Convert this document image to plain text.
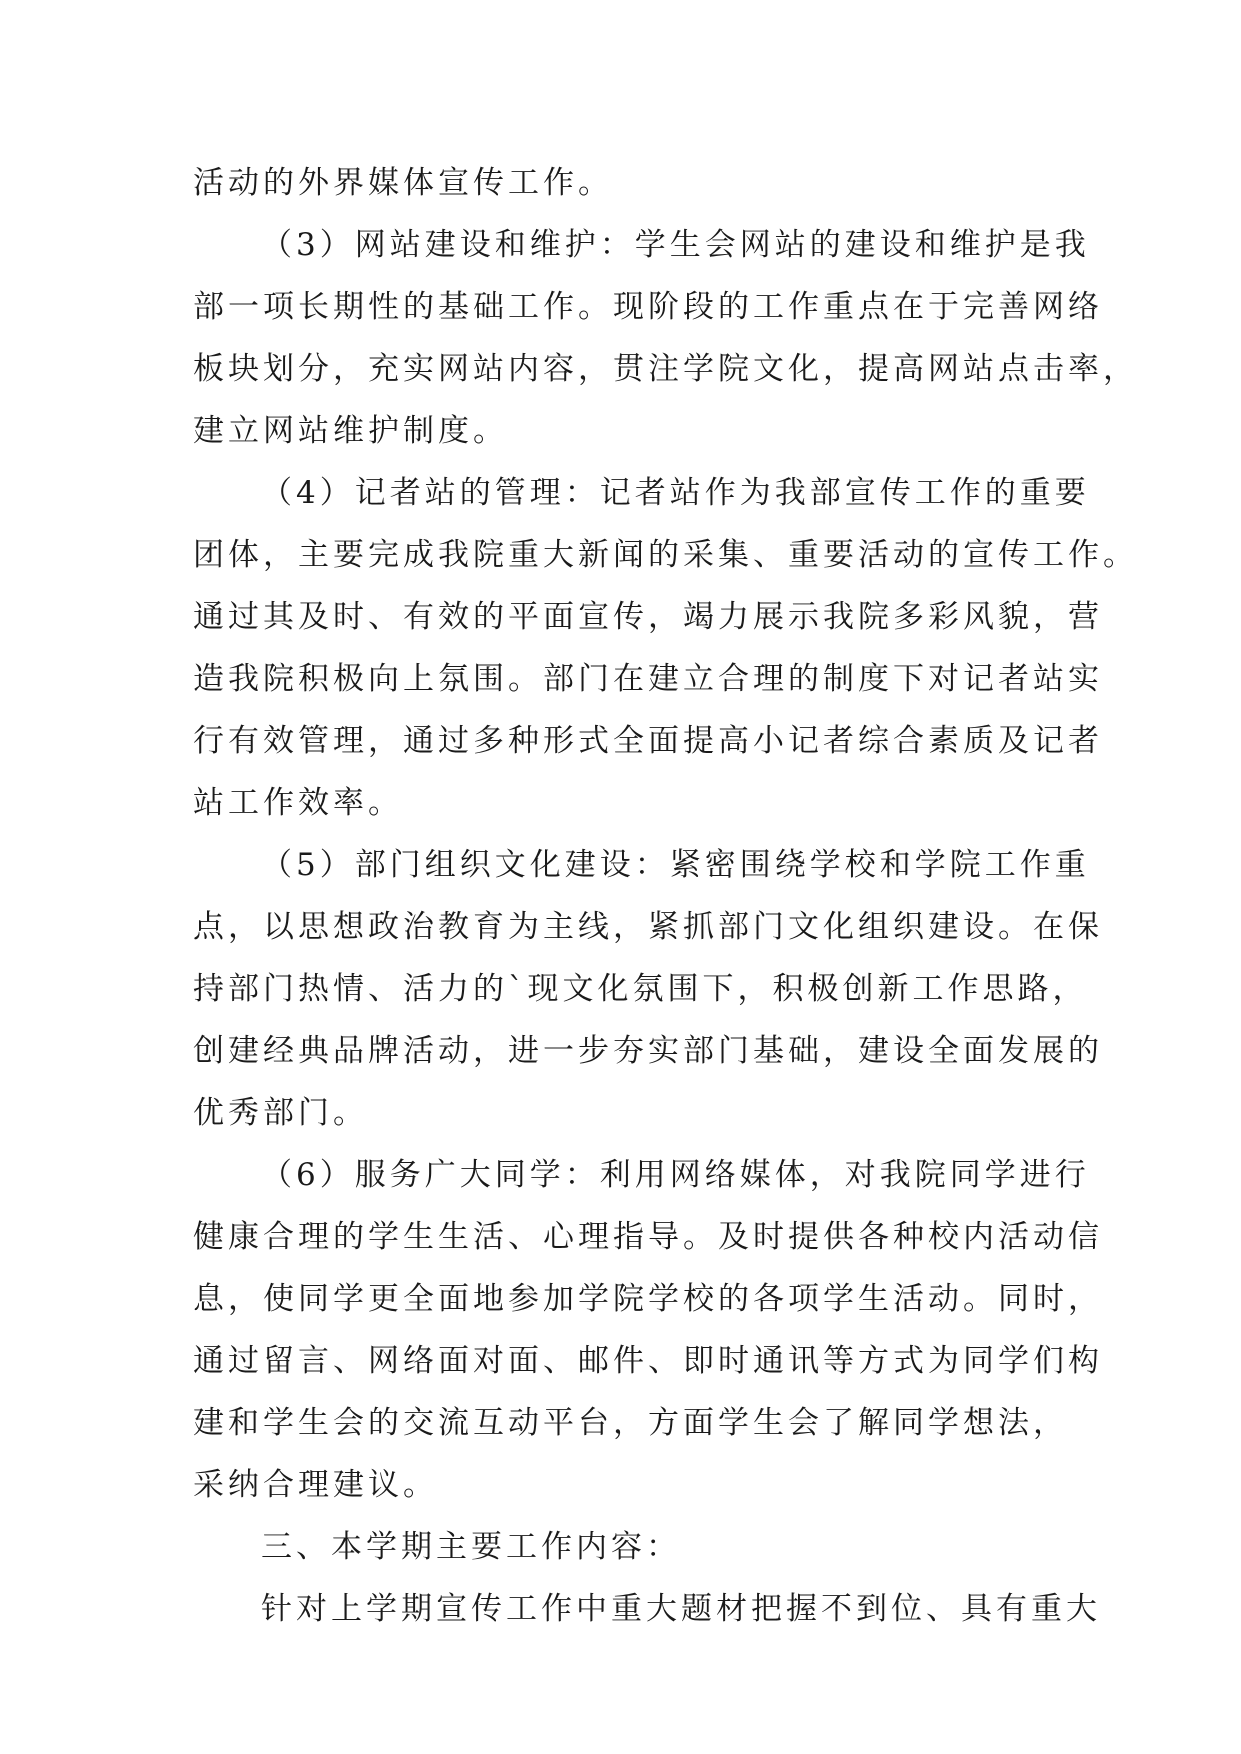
活动的外界媒体宣传工作。
（3）网站建设和维护：学生会网站的建设和维护是我
部一项长期性的基础工作。现阶段的工作重点在于完善网络
板块划分，充实网站内容，贯注学院文化，提高网站点击率，
建立网站维护制度。
（4）记者站的管理：记者站作为我部宣传工作的重要
团体，主要完成我院重大新闻的采集、重要活动的宣传工作。
通过其及时、有效的平面宣传，竭力展示我院多彩风貌，营
造我院积极向上氛围。部门在建立合理的制度下对记者站实
行有效管理，通过多种形式全面提高小记者综合素质及记者
站工作效率。
（5）部门组织文化建设：紧密围绕学校和学院工作重
点，以思想政治教育为主线，紧抓部门文化组织建设。在保
持部门热情、活力的`现文化氛围下，积极创新工作思路，
创建经典品牌活动，进一步夯实部门基础，建设全面发展的
优秀部门。
（6）服务广大同学：利用网络媒体，对我院同学进行
健康合理的学生生活、心理指导。及时提供各种校内活动信
息，使同学更全面地参加学院学校的各项学生活动。同时，
通过留言、网络面对面、邮件、即时通讯等方式为同学们构
建和学生会的交流互动平台，方面学生会了解同学想法，
采纳合理建议。
三、本学期主要工作内容：
针对上学期宣传工作中重大题材把握不到位、具有重大
